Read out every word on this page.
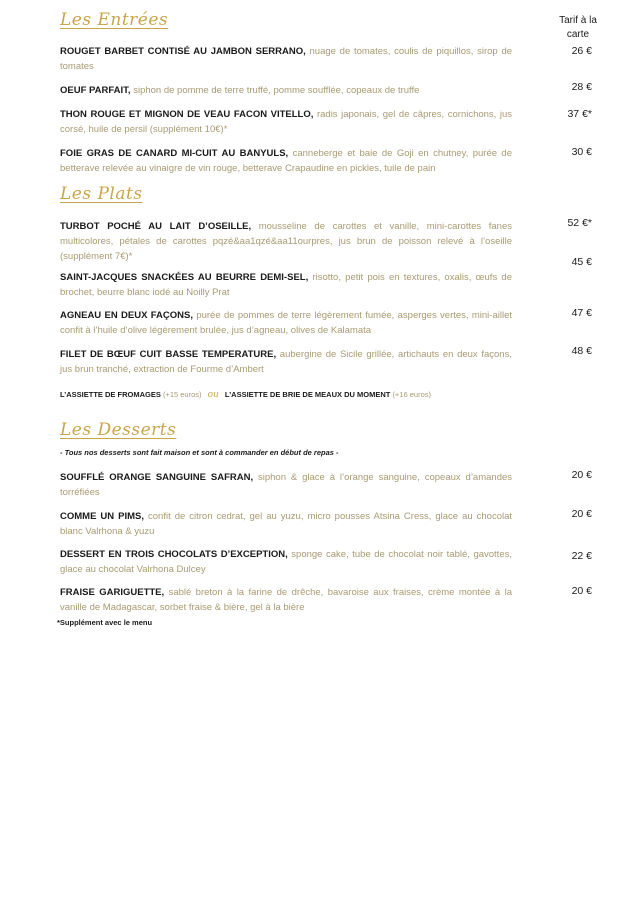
Les Entrées	Tarif à la carte
ROUGET BARBET CONTISÉ AU JAMBON SERRANO, nuage de tomates, coulis de piquillos, sirop de tomates
26 €
OEUF PARFAIT, siphon de pomme de terre truffé, pomme soufflée, copeaux de truffe	28 €
THON ROUGE ET MIGNON DE VEAU FACON VITELLO, radis japonais, gel de câpres, cornichons, jus corsé, huile de persil (supplément 10€)*
37 €*
FOIE GRAS DE CANARD MI-CUIT AU BANYULS, canneberge et baie de Goji en chutney, purée de betterave relevée au vinaigre de vin rouge, betterave Crapaudine en pickles, tuile de pain
30 €
Les Plats
TURBOT POCHÉ AU LAIT D’OSEILLE, mousseline de carottes et vanille, mini-carottes fanes multicolores, pétales de carottes pqzé&aa1qzé&aa11ourpres, jus brun de poisson relevé à l’oseille (supplément 7€)*
52 €*
SAINT-JACQUES SNACKÉES AU BEURRE DEMI-SEL, risotto, petit pois en textures, oxalis, œufs de brochet, beurre blanc iodé au Noilly Prat
45 €
AGNEAU EN DEUX FAÇONS, purée de pommes de terre légèrement fumée, asperges vertes, mini-aillet confit à l’huile d’olive légèrement brulée, jus d’agneau, olives de Kalamata
47 €
FILET DE BŒUF CUIT BASSE TEMPERATURE, aubergine de Sicile grillée, artichauts en deux façons, jus brun tranché, extraction de Fourme d’Ambert
48 €
L’ASSIETTE DE FROMAGES (+15 euros) ou L’ASSIETTE DE BRIE DE MEAUX DU MOMENT (+16 euros)
Les Desserts
- Tous nos desserts sont fait maison et sont à commander en début de repas -
SOUFFLÉ ORANGE SANGUINE SAFRAN, siphon & glace à l’orange sanguine, copeaux d’amandes torréfiées
20 €
COMME UN PIMS, confit de citron cedrat, gel au yuzu, micro pousses Atsina Cress, glace au chocolat blanc Valrhona & yuzu
20 €
DESSERT EN TROIS CHOCOLATS D’EXCEPTION, sponge cake, tube de chocolat noir tablé, gavottes, glace au chocolat Valrhona Dulcey
22 €
FRAISE GARIGUETTE, sablé breton à la farine de drêche, bavaroise aux fraises, crème montée à la vanille de Madagascar, sorbet fraise & bière, gel à la bière
20 €
*Supplément avec le menu
